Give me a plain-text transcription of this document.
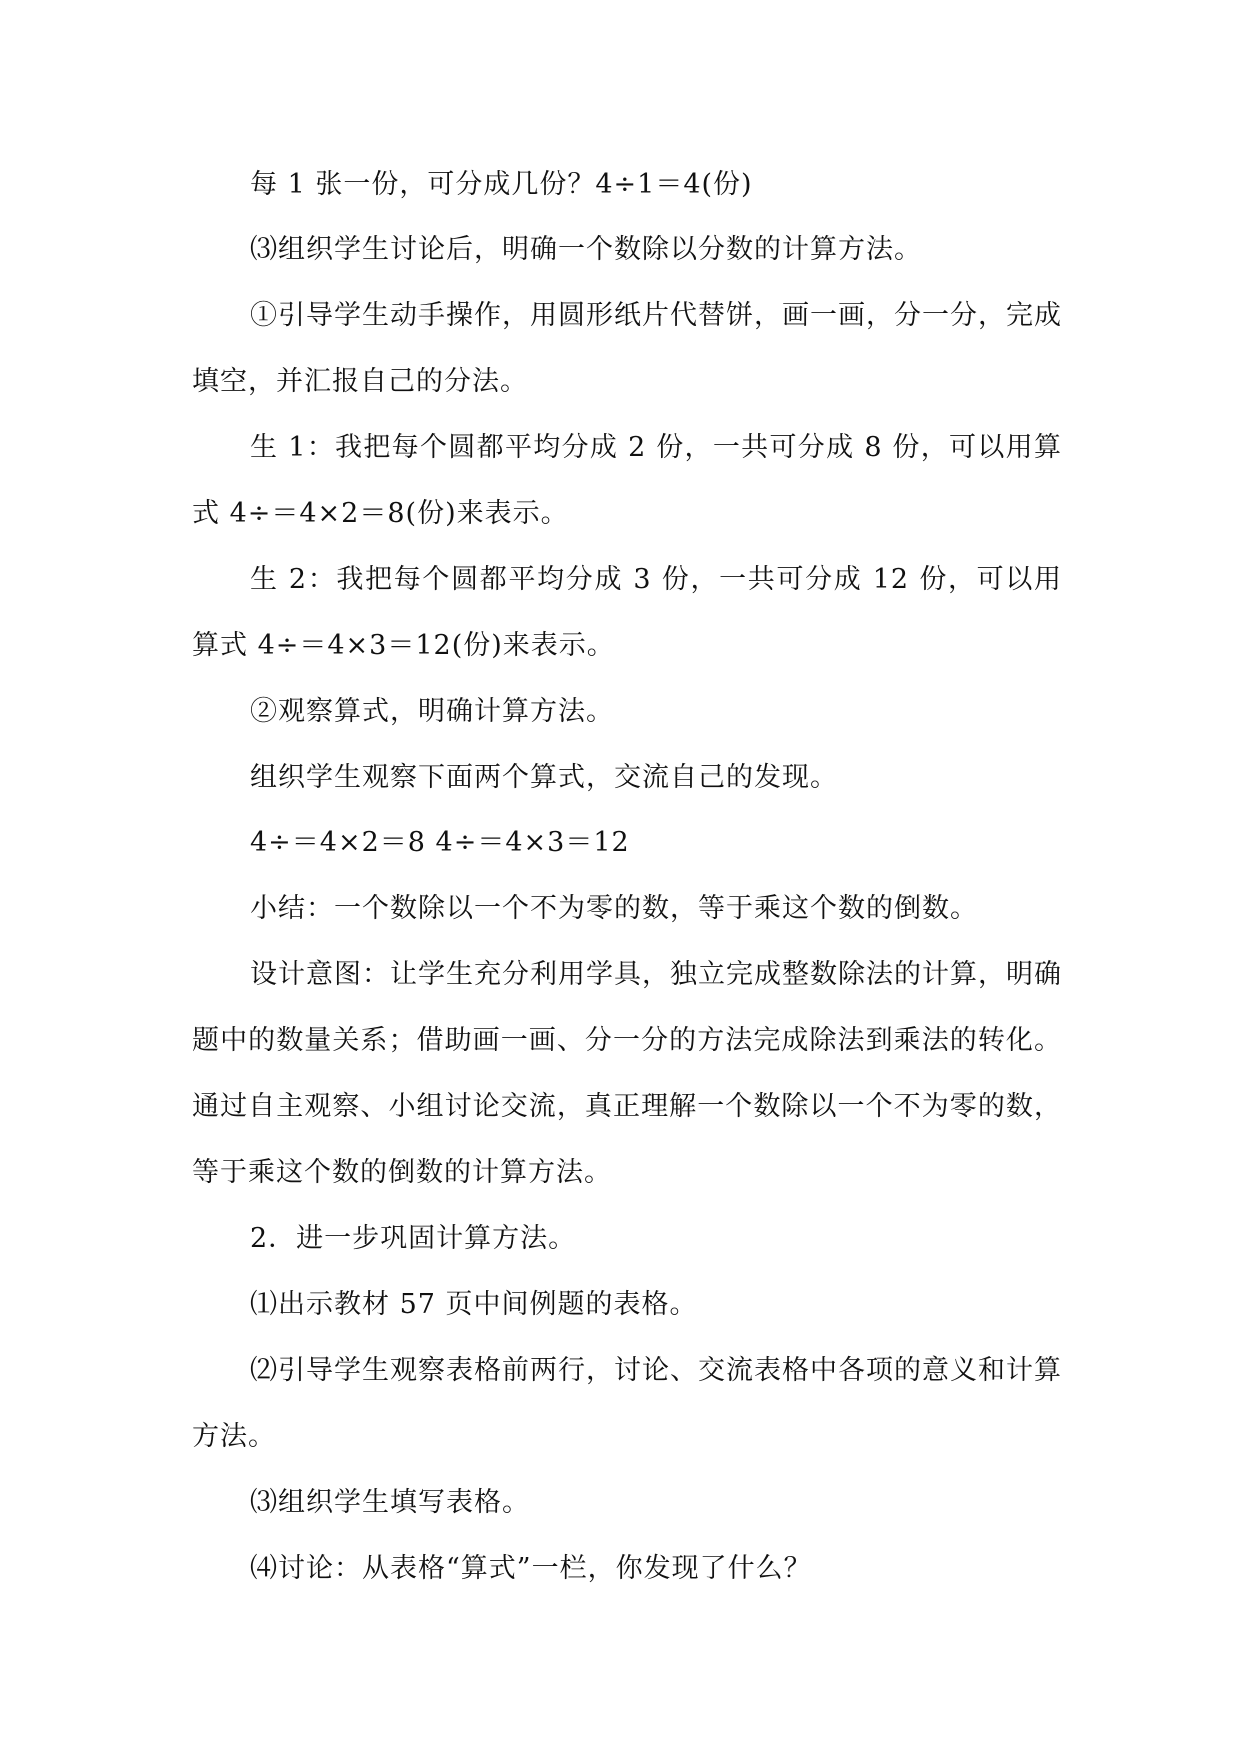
每 1 张一份，可分成几份？4÷1＝4(份)

⑶组织学生讨论后，明确一个数除以分数的计算方法。

①引导学生动手操作，用圆形纸片代替饼，画一画，分一分，完成填空，并汇报自己的分法。

生 1：我把每个圆都平均分成 2 份，一共可分成 8 份，可以用算式 4÷＝4×2＝8(份)来表示。

生 2：我把每个圆都平均分成 3 份，一共可分成 12 份，可以用算式 4÷＝4×3＝12(份)来表示。

②观察算式，明确计算方法。

组织学生观察下面两个算式，交流自己的发现。

4÷＝4×2＝8 4÷＝4×3＝12

小结：一个数除以一个不为零的数，等于乘这个数的倒数。

设计意图：让学生充分利用学具，独立完成整数除法的计算，明确题中的数量关系；借助画一画、分一分的方法完成除法到乘法的转化。通过自主观察、小组讨论交流，真正理解一个数除以一个不为零的数，等于乘这个数的倒数的计算方法。

2．进一步巩固计算方法。

⑴出示教材 57 页中间例题的表格。

⑵引导学生观察表格前两行，讨论、交流表格中各项的意义和计算方法。

⑶组织学生填写表格。

⑷讨论：从表格“算式”一栏，你发现了什么？
